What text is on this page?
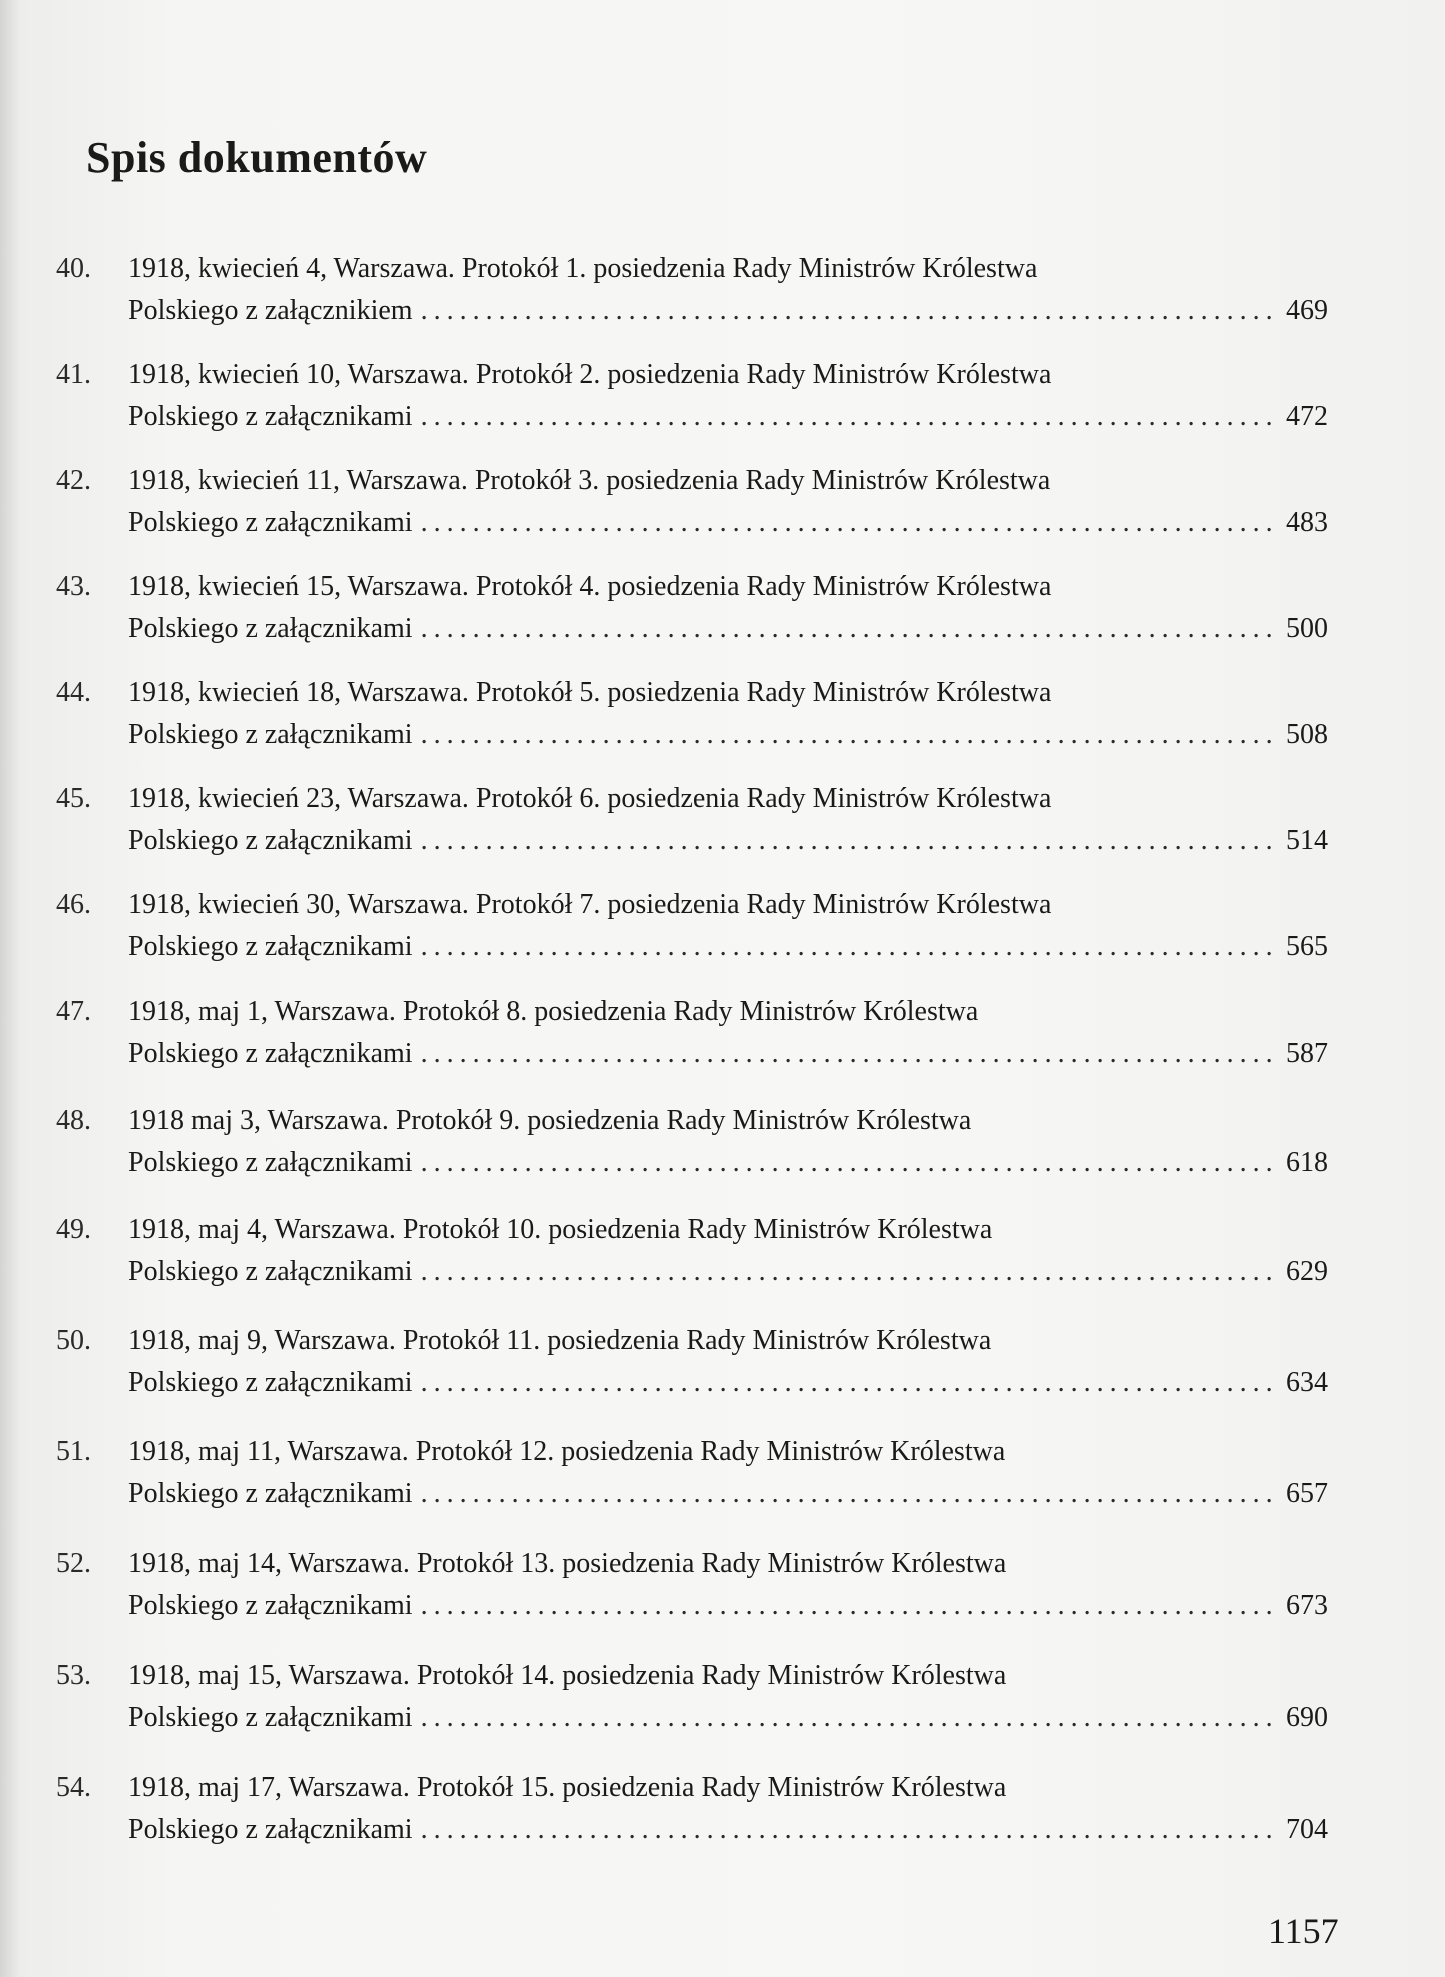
Spis dokumentów
40.	1918, kwiecień 4, Warszawa. Protokół 1. posiedzenia Rady Ministrów Królestwa
Polskiego z załącznikiem .....	469
41.	1918, kwiecień 10, Warszawa. Protokół 2. posiedzenia Rady Ministrów Królestwa
Polskiego z załącznikami .....	472
42.	1918, kwiecień 11, Warszawa. Protokół 3. posiedzenia Rady Ministrów Królestwa
Polskiego z załącznikami .....	483
43.	1918, kwiecień 15, Warszawa. Protokół 4. posiedzenia Rady Ministrów Królestwa
Polskiego z załącznikami .....	500
44.	1918, kwiecień 18, Warszawa. Protokół 5. posiedzenia Rady Ministrów Królestwa
Polskiego z załącznikami .....	508
45.	1918, kwiecień 23, Warszawa. Protokół 6. posiedzenia Rady Ministrów Królestwa
Polskiego z załącznikami .....	514
46.	1918, kwiecień 30, Warszawa. Protokół 7. posiedzenia Rady Ministrów Królestwa
Polskiego z załącznikami .....	565
47.	1918, maj 1, Warszawa. Protokół 8. posiedzenia Rady Ministrów Królestwa
Polskiego z załącznikami .....	587
48.	1918 maj 3, Warszawa. Protokół 9. posiedzenia Rady Ministrów Królestwa
Polskiego z załącznikami .....	618
49.	1918, maj 4, Warszawa. Protokół 10. posiedzenia Rady Ministrów Królestwa
Polskiego z załącznikami .....	629
50.	1918, maj 9, Warszawa. Protokół 11. posiedzenia Rady Ministrów Królestwa
Polskiego z załącznikami .....	634
51.	1918, maj 11, Warszawa. Protokół 12. posiedzenia Rady Ministrów Królestwa
Polskiego z załącznikami .....	657
52.	1918, maj 14, Warszawa. Protokół 13. posiedzenia Rady Ministrów Królestwa
Polskiego z załącznikami .....	673
53.	1918, maj 15, Warszawa. Protokół 14. posiedzenia Rady Ministrów Królestwa
Polskiego z załącznikami .....	690
54.	1918, maj 17, Warszawa. Protokół 15. posiedzenia Rady Ministrów Królestwa
Polskiego z załącznikami .....	704
1157
